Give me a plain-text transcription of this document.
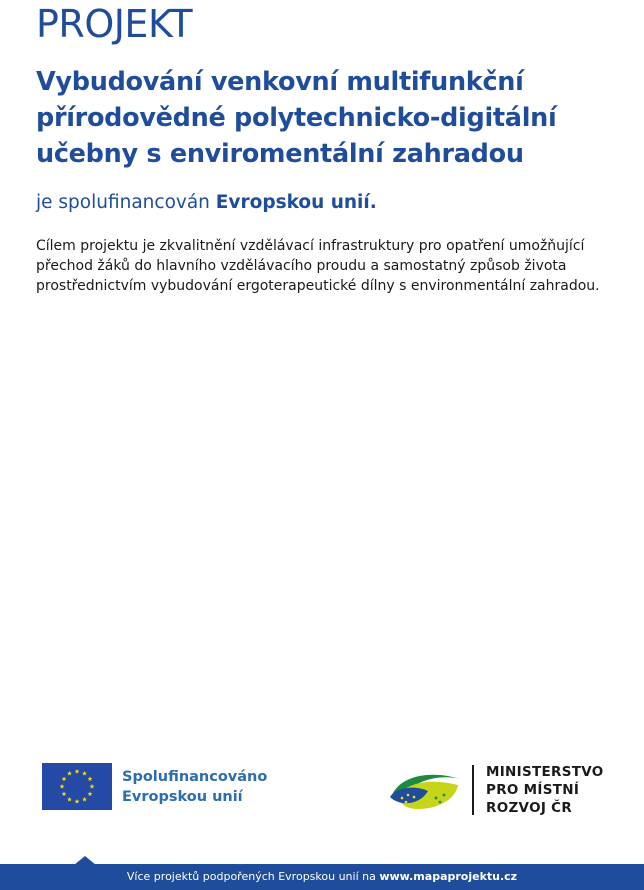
PROJEKT
Vybudování venkovní multifunkční
přírodovědné polytechnicko-digitální
učebny s enviromentální zahradou

je spolufinancován Evropskou unií.

Cílem projektu je zkvalitnění vzdělávací infrastruktury pro opatření umožňující přechod žáků do hlavního vzdělávacího proudu a samostatný způsob života prostřednictvím vybudování ergoterapeutické dílny s environmentální zahradou.

Spolufinancováno
Evropskou unií
MINISTERSTVO
PRO MÍSTNÍ
ROZVOJ ČR
Více projektů podpořených Evropskou unií na www.mapaprojektu.cz
